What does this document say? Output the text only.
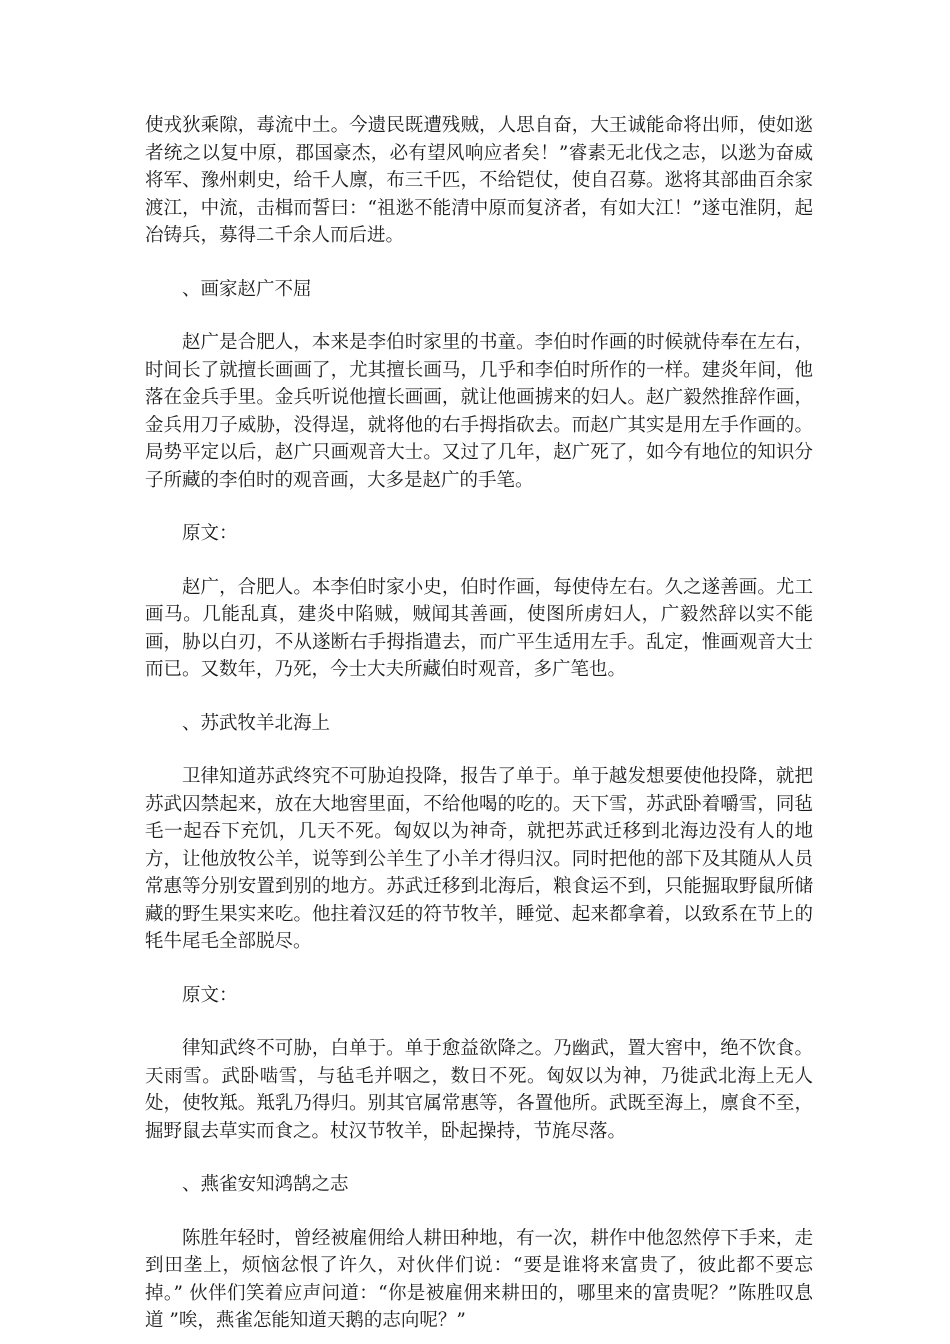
使戎狄乘隙，毒流中土。今遗民既遭残贼，人思自奋，大王诚能命将出师，使如逖者统之以复中原，郡国豪杰，必有望风响应者矣！”睿素无北伐之志，以逖为奋威将军、豫州刺史，给千人廪，布三千匹，不给铠仗，使自召募。逖将其部曲百余家渡江，中流，击楫而誓曰：“祖逖不能清中原而复济者，有如大江！”遂屯淮阴，起冶铸兵，募得二千余人而后进。

、画家赵广不屈

赵广是合肥人，本来是李伯时家里的书童。李伯时作画的时候就侍奉在左右，时间长了就擅长画画了，尤其擅长画马，几乎和李伯时所作的一样。建炎年间，他落在金兵手里。金兵听说他擅长画画，就让他画掳来的妇人。赵广毅然推辞作画，金兵用刀子威胁，没得逞，就将他的右手拇指砍去。而赵广其实是用左手作画的。局势平定以后，赵广只画观音大士。又过了几年，赵广死了，如今有地位的知识分子所藏的李伯时的观音画，大多是赵广的手笔。

原文：

赵广，合肥人。本李伯时家小史，伯时作画，每使侍左右。久之遂善画。尤工画马。几能乱真，建炎中陷贼，贼闻其善画，使图所虏妇人，广毅然辞以实不能画，胁以白刃，不从遂断右手拇指遣去，而广平生适用左手。乱定，惟画观音大士而已。又数年，乃死，今士大夫所藏伯时观音，多广笔也。

、苏武牧羊北海上

卫律知道苏武终究不可胁迫投降，报告了单于。单于越发想要使他投降，就把苏武囚禁起来，放在大地窖里面，不给他喝的吃的。天下雪，苏武卧着嚼雪，同毡毛一起吞下充饥，几天不死。匈奴以为神奇，就把苏武迁移到北海边没有人的地方，让他放牧公羊，说等到公羊生了小羊才得归汉。同时把他的部下及其随从人员常惠等分别安置到别的地方。苏武迁移到北海后，粮食运不到，只能掘取野鼠所储藏的野生果实来吃。他拄着汉廷的符节牧羊，睡觉、起来都拿着，以致系在节上的牦牛尾毛全部脱尽。

原文：

律知武终不可胁，白单于。单于愈益欲降之。乃幽武，置大窖中，绝不饮食。天雨雪。武卧啮雪，与毡毛并咽之，数日不死。匈奴以为神，乃徙武北海上无人处，使牧羝。羝乳乃得归。别其官属常惠等，各置他所。武既至海上，廪食不至，掘野鼠去草实而食之。杖汉节牧羊，卧起操持，节旄尽落。

、燕雀安知鸿鹄之志

陈胜年轻时，曾经被雇佣给人耕田种地，有一次，耕作中他忽然停下手来，走到田垄上，烦恼忿恨了许久，对伙伴们说：“要是谁将来富贵了，彼此都不要忘掉。” 伙伴们笑着应声问道：“你是被雇佣来耕田的，哪里来的富贵呢？”陈胜叹息道 ”唉，燕雀怎能知道天鹅的志向呢？”
